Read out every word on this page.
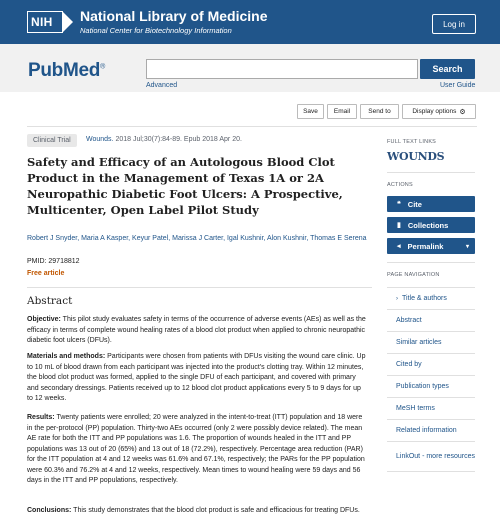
NIH National Library of Medicine
National Center for Biotechnology Information
Log in
PubMed®	Search
Advanced	User Guide
Save	Email	Send to	Display options ⚙
Clinical Trial	Wounds. 2018 Jul;30(7):84-89. Epub 2018 Apr 20.
Safety and Efficacy of an Autologous Blood Clot Product in the Management of Texas 1A or 2A Neuropathic Diabetic Foot Ulcers: A Prospective, Multicenter, Open Label Pilot Study
Robert J Snyder, Maria A Kasper, Keyur Patel, Marissa J Carter, Igal Kushnir, Alon Kushnir, Thomas E Serena
PMID: 29718812
Free article
Abstract

Objective: This pilot study evaluates safety in terms of the occurrence of adverse events (AEs) as well as the efficacy in terms of complete wound healing rates of a blood clot product when applied to chronic neuropathic diabetic foot ulcers (DFUs).

Materials and methods: Participants were chosen from patients with DFUs visiting the wound care clinic. Up to 10 mL of blood drawn from each participant was injected into the product's clotting tray. Within 12 minutes, the blood clot product was formed, applied to the single DFU of each participant, and covered with primary and secondary dressings. Patients received up to 12 blood clot product applications every 5 to 9 days for up to 12 weeks.

Results: Twenty patients were enrolled; 20 were analyzed in the intent-to-treat (ITT) population and 18 were in the per-protocol (PP) population. Thirty-two AEs occurred (only 2 were possibly device related). The mean AE rate for both the ITT and PP populations was 1.6. The proportion of wounds healed in the ITT and PP populations was 13 out of 20 (65%) and 13 out of 18 (72.2%), respectively. Percentage area reduction (PAR) for the ITT population at 4 and 12 weeks was 61.6% and 67.1%, respectively; the PARs for the PP population were 60.3% and 76.2% at 4 and 12 weeks, respectively. Mean times to wound healing were 59 days and 56 days in the ITT and PP populations, respectively.

Conclusions: This study demonstrates that the blood clot product is safe and efficacious for treating DFUs.

FULL TEXT LINKS
WOUNDS
ACTIONS
❝ Cite
▮ Collections
◂ Permalink	▾
PAGE NAVIGATION
› Title & authors
Abstract
Similar articles
Cited by
Publication types
MeSH terms
Related information
LinkOut - more resources
